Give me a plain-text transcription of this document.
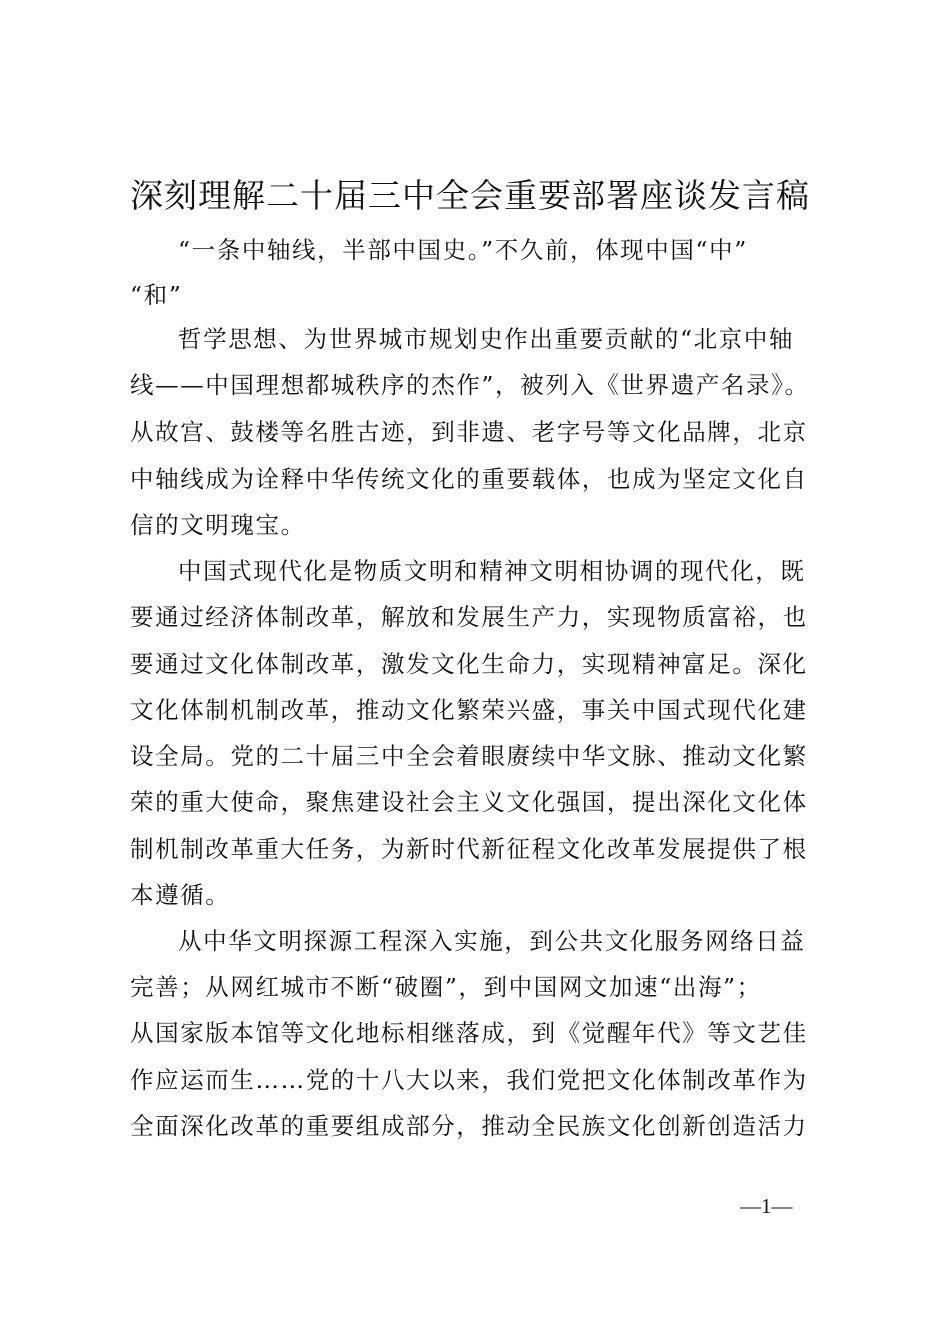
深刻理解二十届三中全会重要部署座谈发言稿

“一条中轴线，半部中国史。”不久前，体现中国“中”

“和”

哲学思想、为世界城市规划史作出重要贡献的“北京中轴

线——中国理想都城秩序的杰作”，被列入《世界遗产名录》。

从故宫、鼓楼等名胜古迹，到非遗、老字号等文化品牌，北京

中轴线成为诠释中华传统文化的重要载体，也成为坚定文化自

信的文明瑰宝。

中国式现代化是物质文明和精神文明相协调的现代化，既

要通过经济体制改革，解放和发展生产力，实现物质富裕，也

要通过文化体制改革，激发文化生命力，实现精神富足。深化

文化体制机制改革，推动文化繁荣兴盛，事关中国式现代化建

设全局。党的二十届三中全会着眼赓续中华文脉、推动文化繁

荣的重大使命，聚焦建设社会主义文化强国，提出深化文化体

制机制改革重大任务，为新时代新征程文化改革发展提供了根

本遵循。

从中华文明探源工程深入实施，到公共文化服务网络日益

完善；从网红城市不断“破圈”，到中国网文加速“出海”；

从国家版本馆等文化地标相继落成，到《觉醒年代》等文艺佳

作应运而生……党的十八大以来，我们党把文化体制改革作为

全面深化改革的重要组成部分，推动全民族文化创新创造活力

—1—
